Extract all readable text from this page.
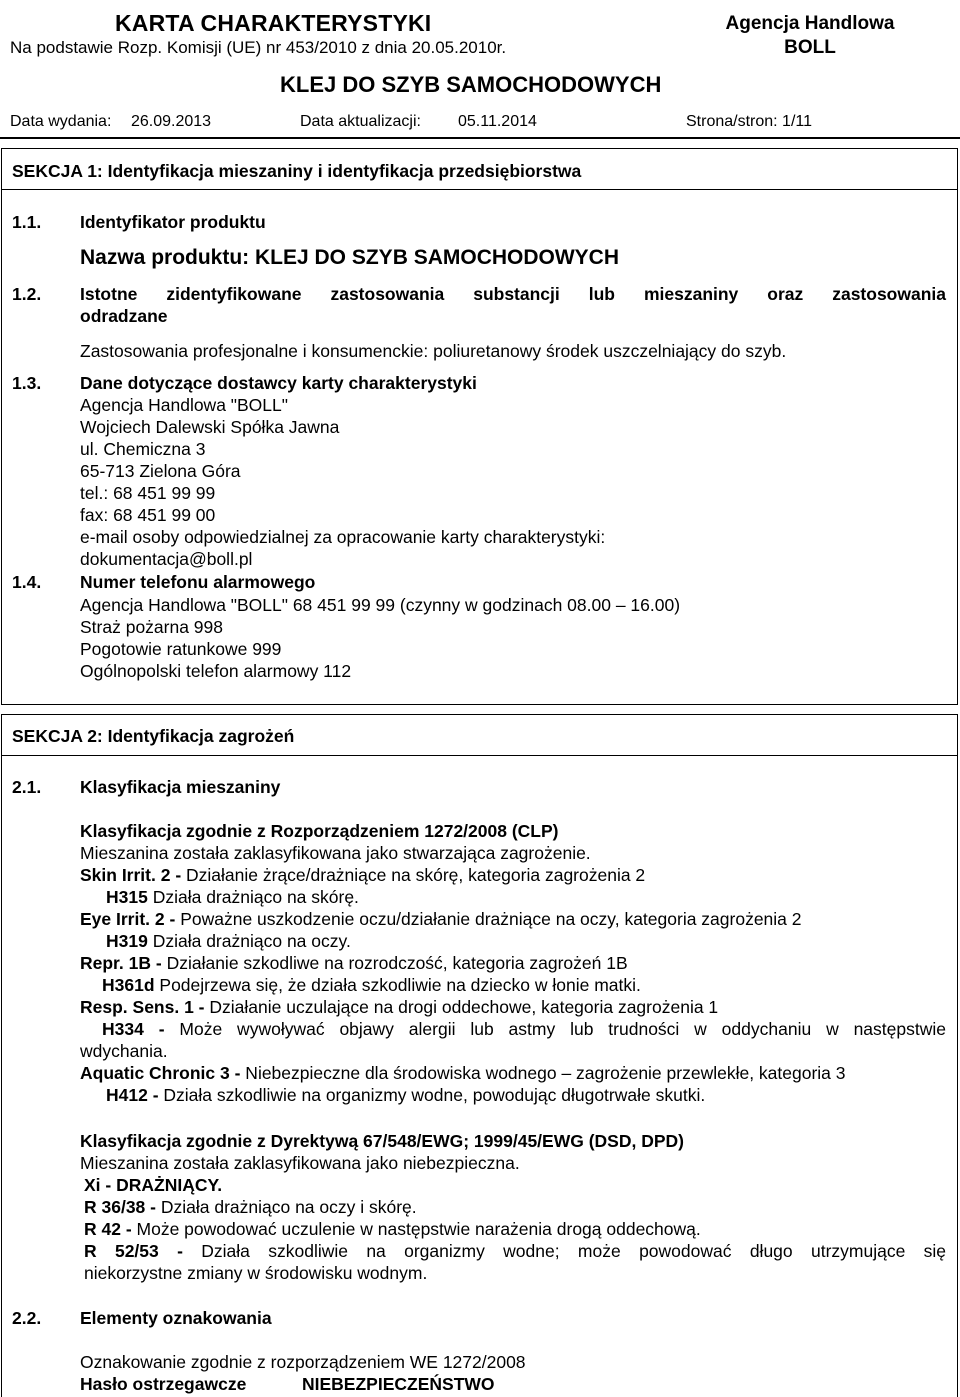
KARTA CHARAKTERYSTYKI
Na podstawie Rozp. Komisji (UE) nr 453/2010 z dnia 20.05.2010r.
Agencja Handlowa
BOLL
KLEJ DO SZYB SAMOCHODOWYCH
Data wydania: 26.09.2013	Data aktualizacji: 05.11.2014	Strona/stron: 1/11
SEKCJA 1: Identyfikacja mieszaniny i identyfikacja przedsiębiorstwa
1.1. Identyfikator produktu
Nazwa produktu: KLEJ DO SZYB SAMOCHODOWYCH
1.2. Istotne zidentyfikowane zastosowania substancji lub mieszaniny oraz zastosowania
odradzane
Zastosowania profesjonalne i konsumenckie: poliuretanowy środek uszczelniający do szyb.
1.3. Dane dotyczące dostawcy karty charakterystyki
Agencja Handlowa "BOLL"
Wojciech Dalewski Spółka Jawna
ul. Chemiczna 3
65-713 Zielona Góra
tel.: 68 451 99 99
fax: 68 451 99 00
e-mail osoby odpowiedzialnej za opracowanie karty charakterystyki:
dokumentacja@boll.pl
1.4. Numer telefonu alarmowego
Agencja Handlowa "BOLL" 68 451 99 99 (czynny w godzinach 08.00 – 16.00)
Straż pożarna 998
Pogotowie ratunkowe 999
Ogólnopolski telefon alarmowy 112
SEKCJA 2: Identyfikacja zagrożeń
2.1. Klasyfikacja mieszaniny
Klasyfikacja zgodnie z Rozporządzeniem 1272/2008 (CLP)
Mieszanina została zaklasyfikowana jako stwarzająca zagrożenie.
Skin Irrit. 2 - Działanie żrące/drażniące na skórę, kategoria zagrożenia 2
H315 Działa drażniąco na skórę.
Eye Irrit. 2 - Poważne uszkodzenie oczu/działanie drażniące na oczy, kategoria zagrożenia 2
H319 Działa drażniąco na oczy.
Repr. 1B - Działanie szkodliwe na rozrodczość, kategoria zagrożeń 1B
H361d Podejrzewa się, że działa szkodliwie na dziecko w łonie matki.
Resp. Sens. 1 - Działanie uczulające na drogi oddechowe, kategoria zagrożenia 1
H334 - Może wywoływać objawy alergii lub astmy lub trudności w oddychaniu w następstwie
wdychania.
Aquatic Chronic 3 - Niebezpieczne dla środowiska wodnego – zagrożenie przewlekłe, kategoria 3
H412 - Działa szkodliwie na organizmy wodne, powodując długotrwałe skutki.
Klasyfikacja zgodnie z Dyrektywą 67/548/EWG; 1999/45/EWG (DSD, DPD)
Mieszanina została zaklasyfikowana jako niebezpieczna.
Xi - DRAŻNIĄCY.
R 36/38 - Działa drażniąco na oczy i skórę.
R 42 - Może powodować uczulenie w następstwie narażenia drogą oddechową.
R 52/53 - Działa szkodliwie na organizmy wodne; może powodować długo utrzymujące się
niekorzystne zmiany w środowisku wodnym.
2.2. Elementy oznakowania
Oznakowanie zgodnie z rozporządzeniem WE 1272/2008
Hasło ostrzegawcze	NIEBEZPIECZEŃSTWO
